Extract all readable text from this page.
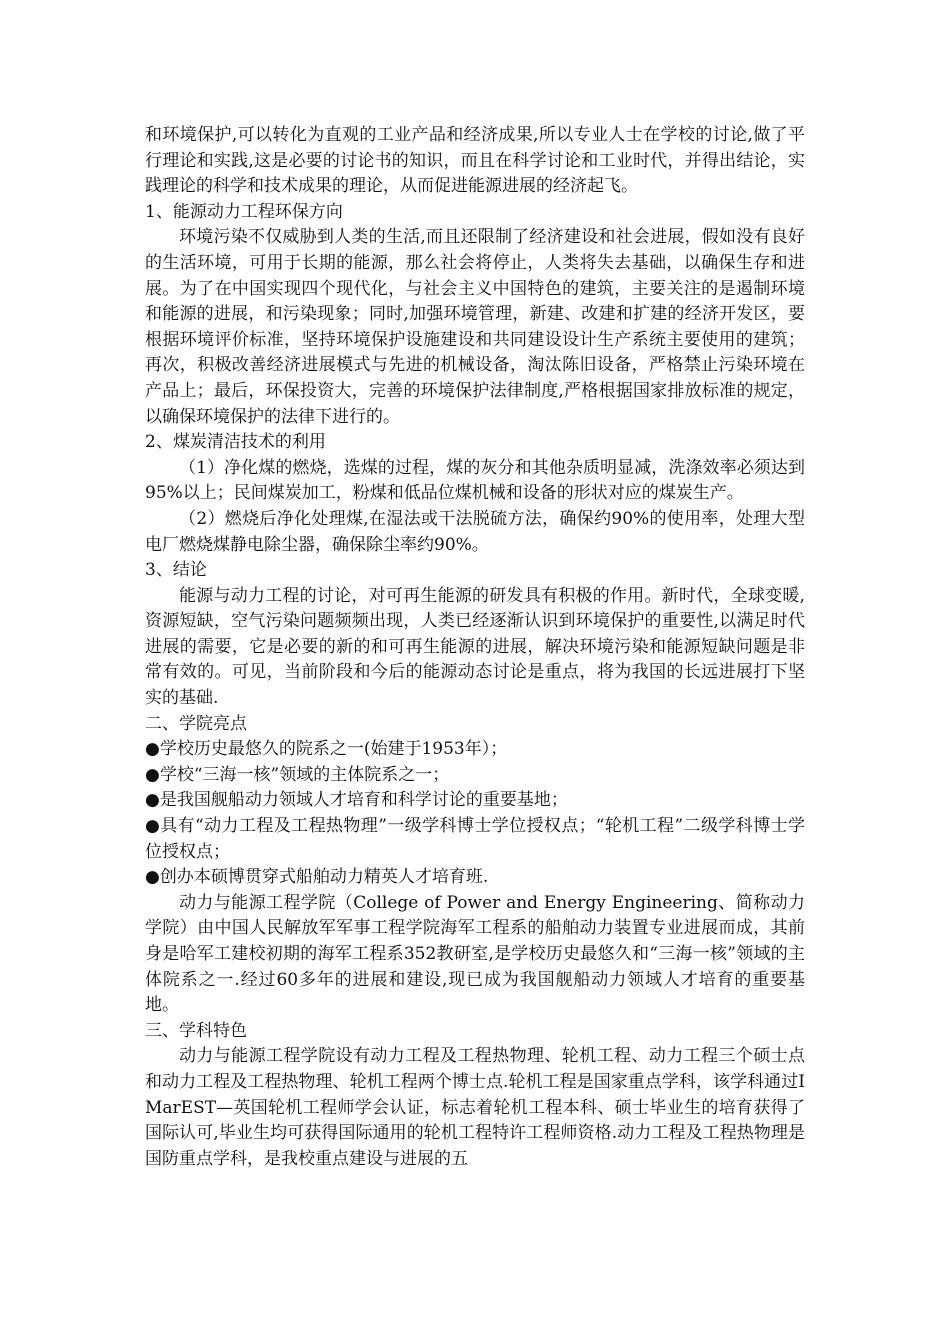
和环境保护,可以转化为直观的工业产品和经济成果,所以专业人士在学校的讨论,做了平行理论和实践,这是必要的讨论书的知识，而且在科学讨论和工业时代，并得出结论，实践理论的科学和技术成果的理论，从而促进能源进展的经济起飞。

1、能源动力工程环保方向

环境污染不仅威胁到人类的生活,而且还限制了经济建设和社会进展，假如没有良好的生活环境，可用于长期的能源，那么社会将停止，人类将失去基础，以确保生存和进展。为了在中国实现四个现代化，与社会主义中国特色的建筑，主要关注的是遏制环境和能源的进展，和污染现象；同时,加强环境管理，新建、改建和扩建的经济开发区，要根据环境评价标准，坚持环境保护设施建设和共同建设设计生产系统主要使用的建筑；再次，积极改善经济进展模式与先进的机械设备，淘汰陈旧设备，严格禁止污染环境在产品上；最后，环保投资大，完善的环境保护法律制度,严格根据国家排放标准的规定，以确保环境保护的法律下进行的。

2、煤炭清洁技术的利用

（1）净化煤的燃烧，选煤的过程，煤的灰分和其他杂质明显减，洗涤效率必须达到95%以上；民间煤炭加工，粉煤和低品位煤机械和设备的形状对应的煤炭生产。

（2）燃烧后净化处理煤,在湿法或干法脱硫方法，确保约90%的使用率，处理大型电厂燃烧煤静电除尘器，确保除尘率约90%。

3、结论

能源与动力工程的讨论，对可再生能源的研发具有积极的作用。新时代，全球变暖,资源短缺，空气污染问题频频出现，人类已经逐渐认识到环境保护的重要性,以满足时代进展的需要，它是必要的新的和可再生能源的进展，解决环境污染和能源短缺问题是非常有效的。可见，当前阶段和今后的能源动态讨论是重点，将为我国的长远进展打下坚实的基础.

二、学院亮点

●学校历史最悠久的院系之一(始建于1953年）；

●学校“三海一核”领域的主体院系之一；

●是我国舰船动力领域人才培育和科学讨论的重要基地；

●具有“动力工程及工程热物理”一级学科博士学位授权点；“轮机工程”二级学科博士学位授权点；

●创办本硕博贯穿式船舶动力精英人才培育班.

动力与能源工程学院（College of Power and Energy Engineering、简称动力学院）由中国人民解放军军事工程学院海军工程系的船舶动力装置专业进展而成，其前身是哈军工建校初期的海军工程系352教研室,是学校历史最悠久和“三海一核”领域的主体院系之一.经过60多年的进展和建设,现已成为我国舰船动力领域人才培育的重要基地。

三、学科特色

动力与能源工程学院设有动力工程及工程热物理、轮机工程、动力工程三个硕士点和动力工程及工程热物理、轮机工程两个博士点.轮机工程是国家重点学科，该学科通过IMarEST—英国轮机工程师学会认证，标志着轮机工程本科、硕士毕业生的培育获得了国际认可,毕业生均可获得国际通用的轮机工程特许工程师资格.动力工程及工程热物理是国防重点学科，是我校重点建设与进展的五
